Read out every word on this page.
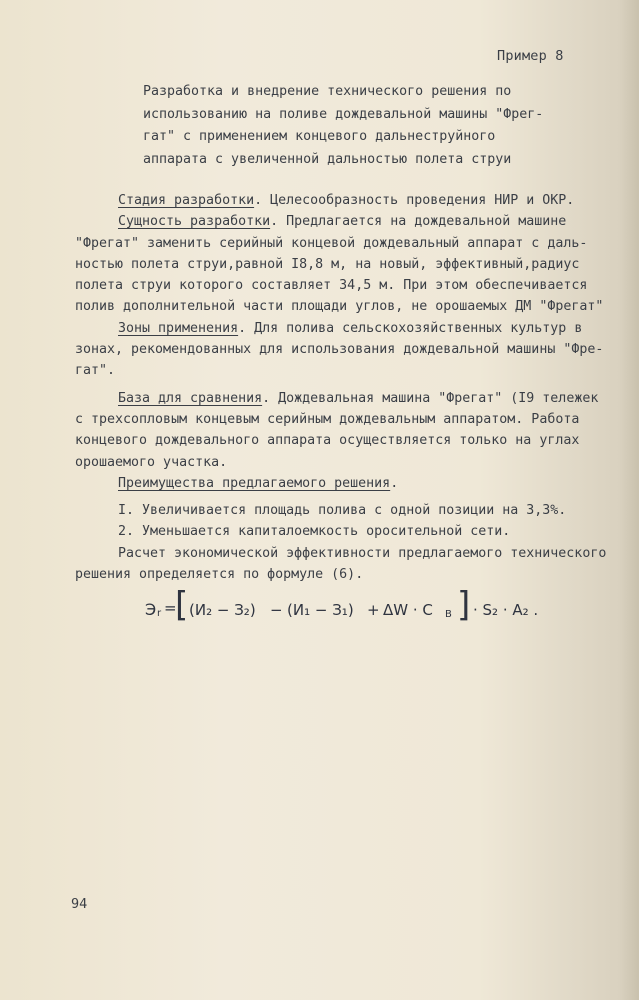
Пример 8
Разработка и внедрение технического решения по
использованию на поливе дождевальной машины "Фрег-
гат" с применением концевого дальнеструйного
аппарата с увеличенной дальностью полета струи
Стадия разработки. Целесообразность проведения НИР и ОКР.
Сущность разработки. Предлагается на дождевальной машине
"Фрегат" заменить серийный концевой дождевальный аппарат с даль-
ностью полета струи,равной I8,8 м, на новый, эффективный,радиус
полета струи которого составляет 34,5 м. При этом обеспечивается
полив дополнительной части площади углов, не орошаемых ДМ "Фрегат"
Зоны применения. Для полива сельскохозяйственных культур в
зонах, рекомендованных для использования дождевальной машины "Фре-
гат".
База для сравнения. Дождевальная машина "Фрегат" (I9 тележек
с трехсопловым концевым серийным дождевальным аппаратом. Работа
концевого дождевального аппарата осуществляется только на углах
орошаемого участка.
Преимущества предлагаемого решения.
I. Увеличивается площадь полива с одной позиции на 3,3%.
2. Уменьшается капиталоемкость оросительной сети.
Расчет экономической эффективности предлагаемого технического
решения определяется по формуле (6).
Э r =
[ (И₂ − З₂) − (И₁ − З₁) + ΔW · C B ] · S₂ · A₂ .
94
